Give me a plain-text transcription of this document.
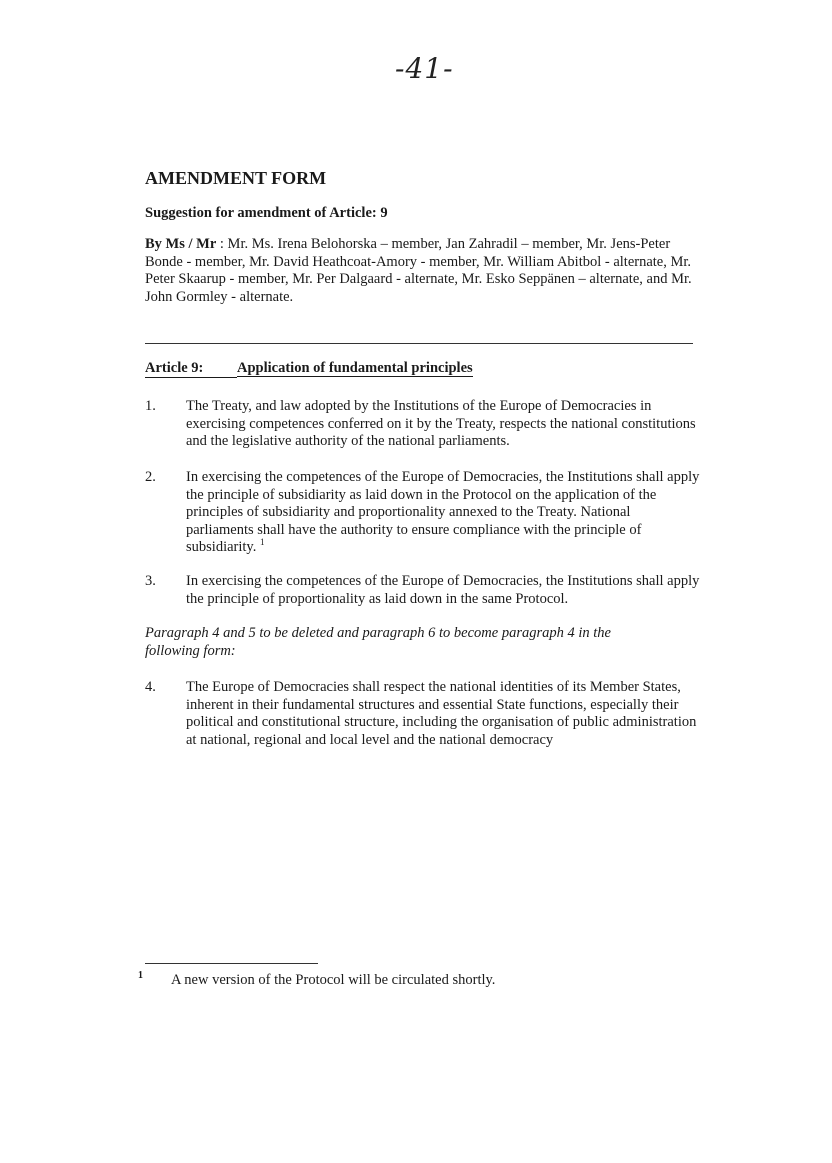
-41-
AMENDMENT FORM
Suggestion for amendment of Article: 9
By Ms / Mr : Mr. Ms. Irena Belohorska – member, Jan Zahradil – member, Mr. Jens-Peter Bonde - member, Mr. David Heathcoat-Amory - member, Mr. William Abitbol - alternate, Mr. Peter Skaarup - member, Mr. Per Dalgaard - alternate, Mr. Esko Seppänen – alternate, and Mr. John Gormley - alternate.
Article 9: Application of fundamental principles
1. The Treaty, and law adopted by the Institutions of the Europe of Democracies in exercising competences conferred on it by the Treaty, respects the national constitutions and the legislative authority of the national parliaments.
2. In exercising the competences of the Europe of Democracies, the Institutions shall apply the principle of subsidiarity as laid down in the Protocol on the application of the principles of subsidiarity and proportionality annexed to the Treaty. National parliaments shall have the authority to ensure compliance with the principle of subsidiarity. $^1$
3. In exercising the competences of the Europe of Democracies, the Institutions shall apply the principle of proportionality as laid down in the same Protocol.
Paragraph 4 and 5 to be deleted and paragraph 6 to become paragraph 4 in the following form:
4. The Europe of Democracies shall respect the national identities of its Member States, inherent in their fundamental structures and essential State functions, especially their political and constitutional structure, including the organisation of public administration at national, regional and local level and the national democracy
1 A new version of the Protocol will be circulated shortly.
